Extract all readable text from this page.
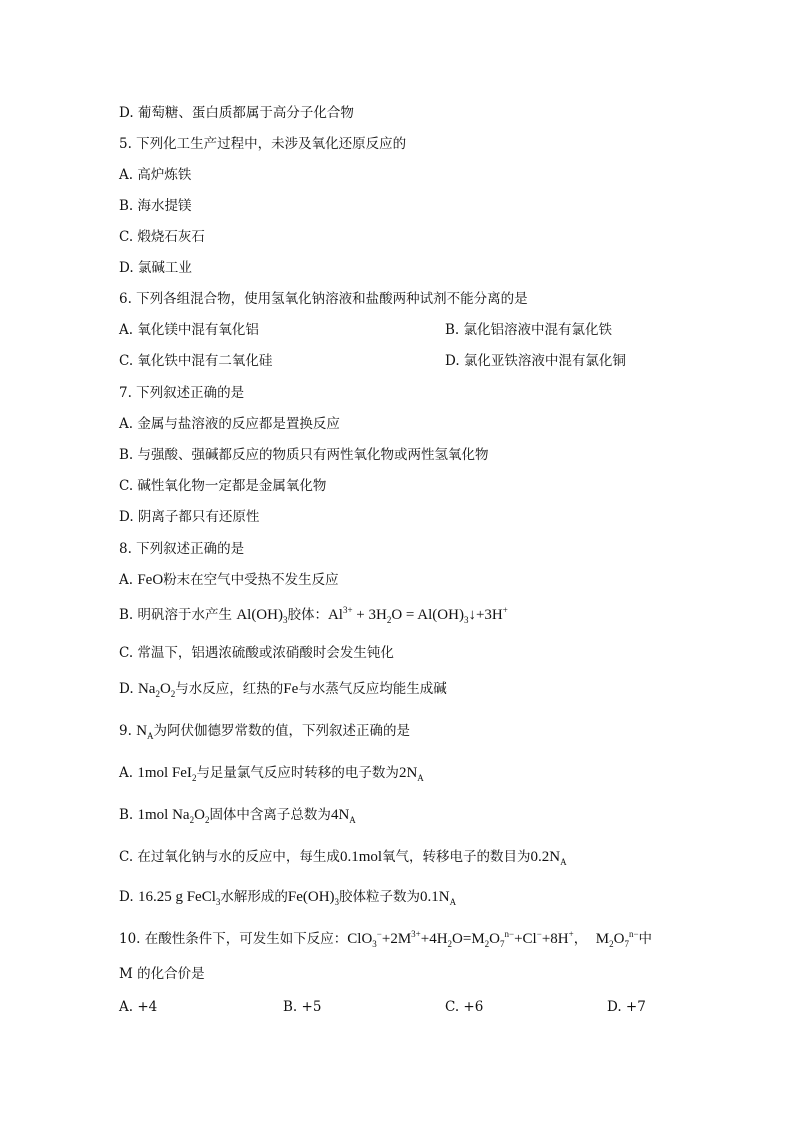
D. 葡萄糖、蛋白质都属于高分子化合物
5. 下列化工生产过程中，未涉及氧化还原反应的
A. 高炉炼铁
B. 海水提镁
C. 煅烧石灰石
D. 氯碱工业
6. 下列各组混合物，使用氢氧化钠溶液和盐酸两种试剂不能分离的是
A. 氧化镁中混有氧化铝	B. 氯化铝溶液中混有氯化铁
C. 氧化铁中混有二氧化硅	D. 氯化亚铁溶液中混有氯化铜
7. 下列叙述正确的是
A. 金属与盐溶液的反应都是置换反应
B. 与强酸、强碱都反应的物质只有两性氧化物或两性氢氧化物
C. 碱性氧化物一定都是金属氧化物
D. 阴离子都只有还原性
8. 下列叙述正确的是
A. FeO粉末在空气中受热不发生反应
B. 明矾溶于水产生 $Al(OH)_3$胶体：$Al^{3+} + 3H_2O$ = $Al(OH)_3↓+3H^+$
C. 常温下，铝遇浓硫酸或浓硝酸时会发生钝化
D. $Na_2O_2$与水反应，红热的Fe与水蒸气反应均能生成碱
9. $N_A$为阿伏伽德罗常数的值，下列叙述正确的是
A. 1mol FeI$_2$与足量氯气反应时转移的电子数为$2N_A$
B. 1mol $Na_2O_2$固体中含离子总数为$4N_A$
C. 在过氧化钠与水的反应中，每生成0.1mol氧气，转移电子的数目为$0.2N_A$
D. 16.25 g FeCl$_3$水解形成的$Fe(OH)_3$胶体粒子数为$0.1N_A$
10. 在酸性条件下，可发生如下反应：$ClO_3^-+2M^{3+}+4H_2O=M_2O_7^{n-}+Cl^-+8H^+$， $M_2O_7^{n-}$中
M 的化合价是
A. +4	B. +5	C. +6	D. +7
